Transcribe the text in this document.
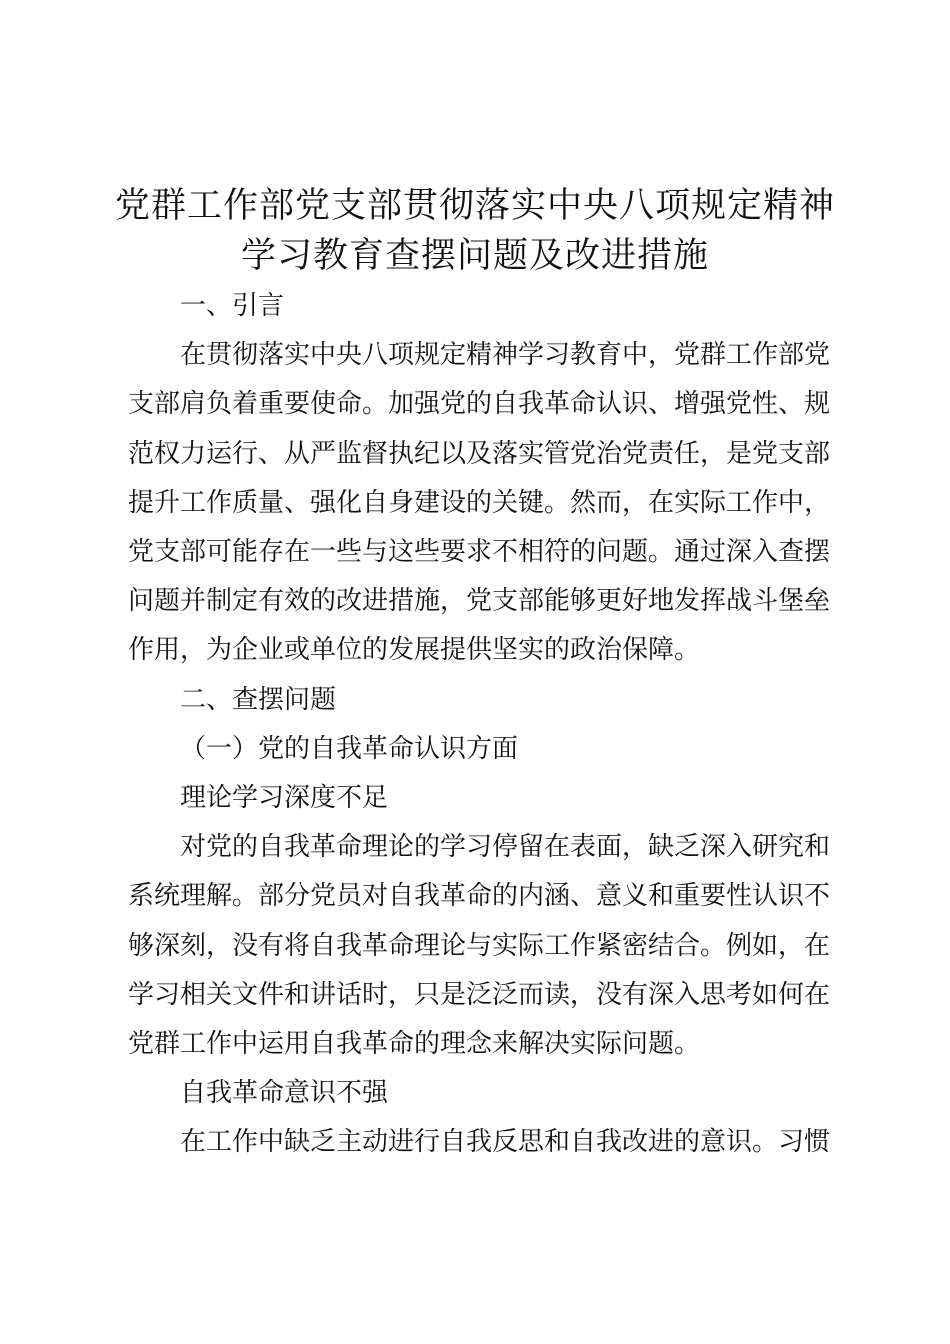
党群工作部党支部贯彻落实中央八项规定精神
学习教育查摆问题及改进措施

一、引言

在贯彻落实中央八项规定精神学习教育中，党群工作部党支部肩负着重要使命。加强党的自我革命认识、增强党性、规范权力运行、从严监督执纪以及落实管党治党责任，是党支部提升工作质量、强化自身建设的关键。然而，在实际工作中，党支部可能存在一些与这些要求不相符的问题。通过深入查摆问题并制定有效的改进措施，党支部能够更好地发挥战斗堡垒作用，为企业或单位的发展提供坚实的政治保障。

二、查摆问题

（一）党的自我革命认识方面

理论学习深度不足

对党的自我革命理论的学习停留在表面，缺乏深入研究和系统理解。部分党员对自我革命的内涵、意义和重要性认识不够深刻，没有将自我革命理论与实际工作紧密结合。例如，在学习相关文件和讲话时，只是泛泛而读，没有深入思考如何在党群工作中运用自我革命的理念来解决实际问题。

自我革命意识不强

在工作中缺乏主动进行自我反思和自我改进的意识。习惯
